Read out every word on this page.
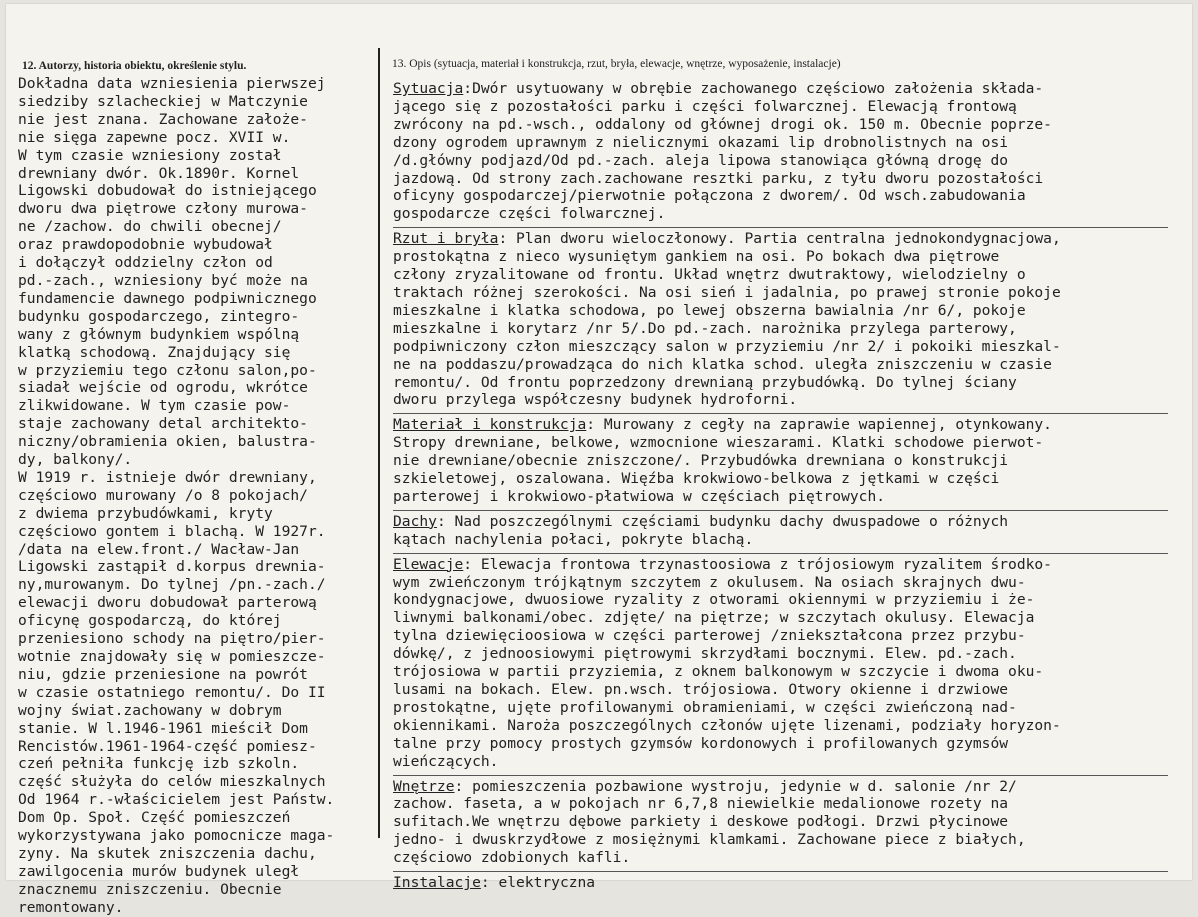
12. Autorzy, historia obiektu, określenie stylu.	13. Opis (sytuacja, materiał i konstrukcja, rzut, bryła, elewacje, wnętrze, wyposażenie, instalacje)
Dokładna data wzniesienia pierwszej
siedziby szlacheckiej w Matczynie
nie jest znana. Zachowane założe-
nie sięga zapewne pocz. XVII w.
W tym czasie wzniesiony został
drewniany dwór. Ok.1890r. Kornel
Ligowski dobudował do istniejącego
dworu dwa piętrowe człony murowa-
ne /zachow. do chwili obecnej/
oraz prawdopodobnie wybudował
i dołączył oddzielny człon od
pd.-zach., wzniesiony być może na
fundamencie dawnego podpiwnicznego
budynku gospodarczego, zintegro-
wany z głównym budynkiem wspólną
klatką schodową. Znajdujący się
w przyziemiu tego członu salon,po-
siadał wejście od ogrodu, wkrótce
zlikwidowane. W tym czasie pow-
staje zachowany detal architekto-
niczny/obramienia okien, balustra-
dy, balkony/.
W 1919 r. istnieje dwór drewniany,
częściowo murowany /o 8 pokojach/
z dwiema przybudówkami, kryty
częściowo gontem i blachą. W 1927r.
/data na elew.front./ Wacław-Jan
Ligowski zastąpił d.korpus drewnia-
ny,murowanym. Do tylnej /pn.-zach./
elewacji dworu dobudował parterową
oficynę gospodarczą, do której
przeniesiono schody na piętro/pier-
wotnie znajdowały się w pomieszcze-
niu, gdzie przeniesione na powrót
w czasie ostatniego remontu/. Do II
wojny świat.zachowany w dobrym
stanie. W l.1946-1961 mieścił Dom
Rencistów.1961-1964-część pomiesz-
czeń pełniła funkcję izb szkoln.
część służyła do celów mieszkalnych
Od 1964 r.-właścicielem jest Państw.
Dom Op. Społ. Część pomieszczeń
wykorzystywana jako pomocnicze maga-
zyny. Na skutek zniszczenia dachu,
zawilgocenia murów budynek uległ
znacznemu zniszczeniu. Obecnie
remontowany.
Sytuacja:Dwór usytuowany w obrębie zachowanego częściowo założenia składa-
jącego się z pozostałości parku i części folwarcznej. Elewacją frontową
zwrócony na pd.-wsch., oddalony od głównej drogi ok. 150 m. Obecnie poprze-
dzony ogrodem uprawnym z nielicznymi okazami lip drobnolistnych na osi
/d.główny podjazd/Od pd.-zach. aleja lipowa stanowiąca główną drogę do
jazdową. Od strony zach.zachowane resztki parku, z tyłu dworu pozostałości
oficyny gospodarczej/pierwotnie połączona z dworem/. Od wsch.zabudowania
gospodarcze części folwarcznej.
Rzut i bryła: Plan dworu wieloczłonowy. Partia centralna jednokondygnacjowa,
prostokątna z nieco wysuniętym gankiem na osi. Po bokach dwa piętrowe
człony zryzalitowane od frontu. Układ wnętrz dwutraktowy, wielodzielny o
traktach różnej szerokości. Na osi sień i jadalnia, po prawej stronie pokoje
mieszkalne i klatka schodowa, po lewej obszerna bawialnia /nr 6/, pokoje
mieszkalne i korytarz /nr 5/.Do pd.-zach. narożnika przylega parterowy,
podpiwniczony człon mieszczący salon w przyziemiu /nr 2/ i pokoiki mieszkal-
ne na poddaszu/prowadząca do nich klatka schod. uległa zniszczeniu w czasie
remontu/. Od frontu poprzedzony drewnianą przybudówką. Do tylnej ściany
dworu przylega współczesny budynek hydroforni.
Materiał i konstrukcja: Murowany z cegły na zaprawie wapiennej, otynkowany.
Stropy drewniane, belkowe, wzmocnione wieszarami. Klatki schodowe pierwot-
nie drewniane/obecnie zniszczone/. Przybudówka drewniana o konstrukcji
szkieletowej, oszalowana. Więźba krokwiowo-belkowa z jętkami w części
parterowej i krokwiowo-płatwiowa w częściach piętrowych.
Dachy: Nad poszczególnymi częściami budynku dachy dwuspadowe o różnych
kątach nachylenia połaci, pokryte blachą.
Elewacje: Elewacja frontowa trzynastoosiowa z trójosiowym ryzalitem środko-
wym zwieńczonym trójkątnym szczytem z okulusem. Na osiach skrajnych dwu-
kondygnacjowe, dwuosiowe ryzality z otworami okiennymi w przyziemiu i że-
liwnymi balkonami/obec. zdjęte/ na piętrze; w szczytach okulusy. Elewacja
tylna dziewięcioosiowa w części parterowej /zniekształcona przez przybu-
dówkę/, z jednoosiowymi piętrowymi skrzydłami bocznymi. Elew. pd.-zach.
trójosiowa w partii przyziemia, z oknem balkonowym w szczycie i dwoma oku-
lusami na bokach. Elew. pn.wsch. trójosiowa. Otwory okienne i drzwiowe
prostokątne, ujęte profilowanymi obramieniami, w części zwieńczoną nad-
okiennikami. Naroża poszczególnych członów ujęte lizenami, podziały horyzon-
talne przy pomocy prostych gzymsów kordonowych i profilowanych gzymsów
wieńczących.
Wnętrze: pomieszczenia pozbawione wystroju, jedynie w d. salonie /nr 2/
zachow. faseta, a w pokojach nr 6,7,8 niewielkie medalionowe rozety na
sufitach.We wnętrzu dębowe parkiety i deskowe podłogi. Drzwi płycinowe
jedno- i dwuskrzydłowe z mosiężnymi klamkami. Zachowane piece z białych,
częściowo zdobionych kafli.
Instalacje: elektryczna
